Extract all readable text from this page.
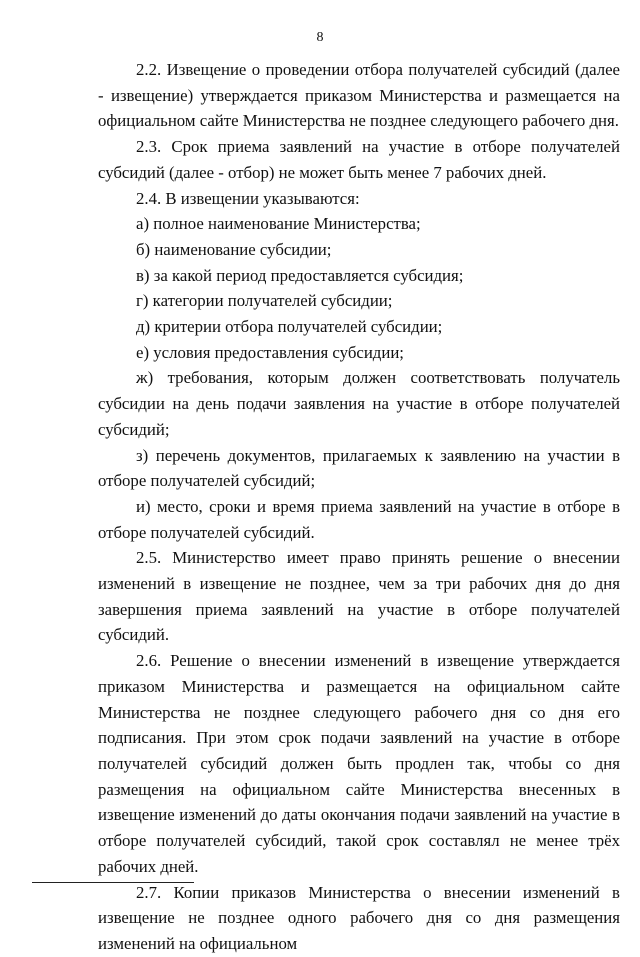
8

2.2. Извещение о проведении отбора получателей субсидий (далее - извещение) утверждается приказом Министерства и размещается на официальном сайте Министерства не позднее следующего рабочего дня.

2.3. Срок приема заявлений на участие в отборе получателей субсидий (далее - отбор) не может быть менее 7 рабочих дней.

2.4. В извещении указываются:

а) полное наименование Министерства;

б) наименование субсидии;

в) за какой период предоставляется субсидия;

г) категории получателей субсидии;

д) критерии отбора получателей субсидии;

е) условия предоставления субсидии;

ж) требования, которым должен соответствовать получатель субсидии на день подачи заявления на участие в отборе получателей субсидий;

з) перечень документов, прилагаемых к заявлению на участии в отборе получателей субсидий;

и) место, сроки и время приема заявлений на участие в отборе в отборе получателей субсидий.

2.5. Министерство имеет право принять решение о внесении изменений в извещение не позднее, чем за три рабочих дня до дня завершения приема заявлений на участие в отборе получателей субсидий.

2.6. Решение о внесении изменений в извещение утверждается приказом Министерства и размещается на официальном сайте Министерства не позднее следующего рабочего дня со дня его подписания. При этом срок подачи заявлений на участие в отборе получателей субсидий должен быть продлен так, чтобы со дня размещения на официальном сайте Министерства внесенных в извещение изменений до даты окончания подачи заявлений на участие в отборе получателей субсидий, такой срок составлял не менее трёх рабочих дней.

2.7. Копии приказов Министерства о внесении изменений в извещение не позднее одного рабочего дня со дня размещения изменений на официальном
